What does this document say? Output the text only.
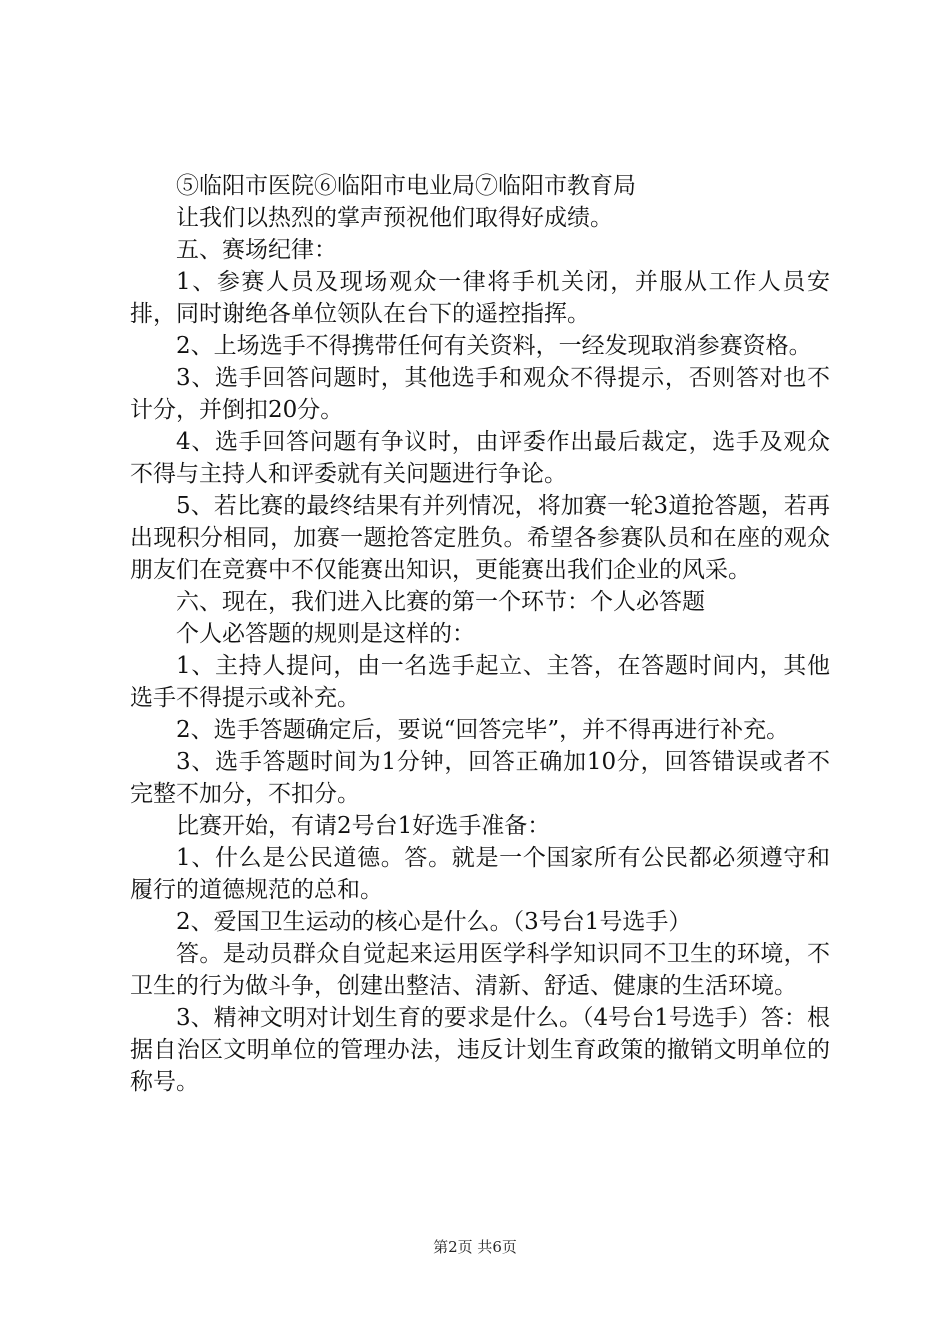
⑤临阳市医院⑥临阳市电业局⑦临阳市教育局

让我们以热烈的掌声预祝他们取得好成绩。

五、赛场纪律：

1、参赛人员及现场观众一律将手机关闭，并服从工作人员安排，同时谢绝各单位领队在台下的遥控指挥。

2、上场选手不得携带任何有关资料，一经发现取消参赛资格。

3、选手回答问题时，其他选手和观众不得提示，否则答对也不计分，并倒扣20分。

4、选手回答问题有争议时，由评委作出最后裁定，选手及观众不得与主持人和评委就有关问题进行争论。

5、若比赛的最终结果有并列情况，将加赛一轮3道抢答题，若再出现积分相同，加赛一题抢答定胜负。希望各参赛队员和在座的观众朋友们在竞赛中不仅能赛出知识，更能赛出我们企业的风采。

六、现在，我们进入比赛的第一个环节：个人必答题

个人必答题的规则是这样的：

1、主持人提问，由一名选手起立、主答，在答题时间内，其他选手不得提示或补充。

2、选手答题确定后，要说“回答完毕”，并不得再进行补充。

3、选手答题时间为1分钟，回答正确加10分，回答错误或者不完整不加分，不扣分。

比赛开始，有请2号台1好选手准备：

1、什么是公民道德。答。就是一个国家所有公民都必须遵守和履行的道德规范的总和。

2、爱国卫生运动的核心是什么。（3号台1号选手）

答。是动员群众自觉起来运用医学科学知识同不卫生的环境，不卫生的行为做斗争，创建出整洁、清新、舒适、健康的生活环境。

3、精神文明对计划生育的要求是什么。（4号台1号选手）答：根据自治区文明单位的管理办法，违反计划生育政策的撤销文明单位的称号。

第2页 共6页
